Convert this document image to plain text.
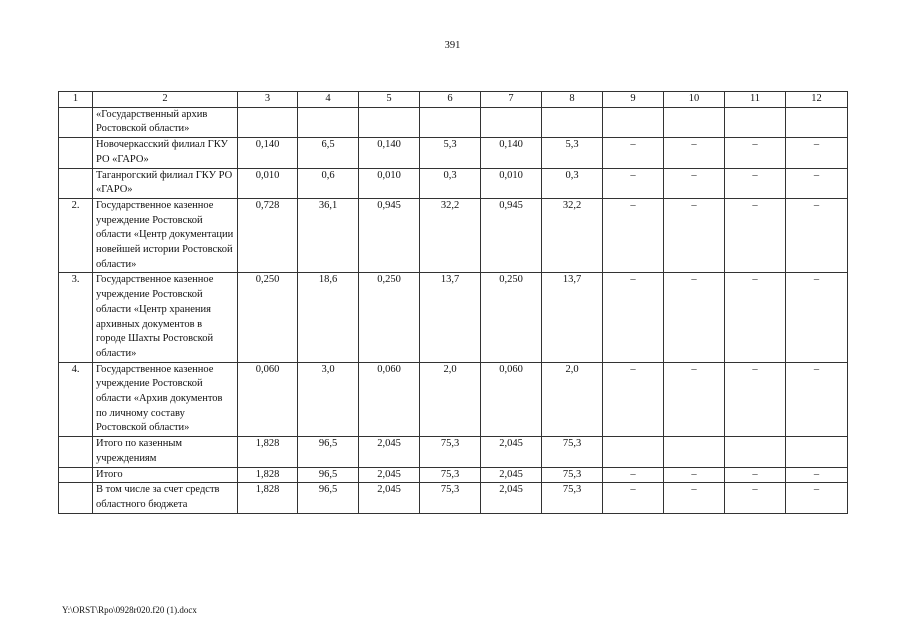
391
1	2	3	4	5	6	7	8	9	10	11	12
	«Государственный архив Ростовской области»										
	Новочеркасский филиал ГКУ РО «ГАРО»	0,140	6,5	0,140	5,3	0,140	5,3	–	–	–	–
	Таганрогский филиал ГКУ РО «ГАРО»	0,010	0,6	0,010	0,3	0,010	0,3	–	–	–	–
2.	Государственное казенное учреждение Ростовской области «Центр документации новейшей истории Ростовской области»	0,728	36,1	0,945	32,2	0,945	32,2	–	–	–	–
3.	Государственное казенное учреждение Ростовской области «Центр хранения архивных документов в городе Шахты Ростовской области»	0,250	18,6	0,250	13,7	0,250	13,7	–	–	–	–
4.	Государственное казенное учреждение Ростовской области «Архив документов по личному составу Ростовской области»	0,060	3,0	0,060	2,0	0,060	2,0	–	–	–	–
	Итого по казенным учреждениям	1,828	96,5	2,045	75,3	2,045	75,3				
	Итого	1,828	96,5	2,045	75,3	2,045	75,3	–	–	–	–
	В том числе за счет средств областного бюджета	1,828	96,5	2,045	75,3	2,045	75,3	–	–	–	–
Y:\ORST\Rpo\0928r020.f20 (1).docx
